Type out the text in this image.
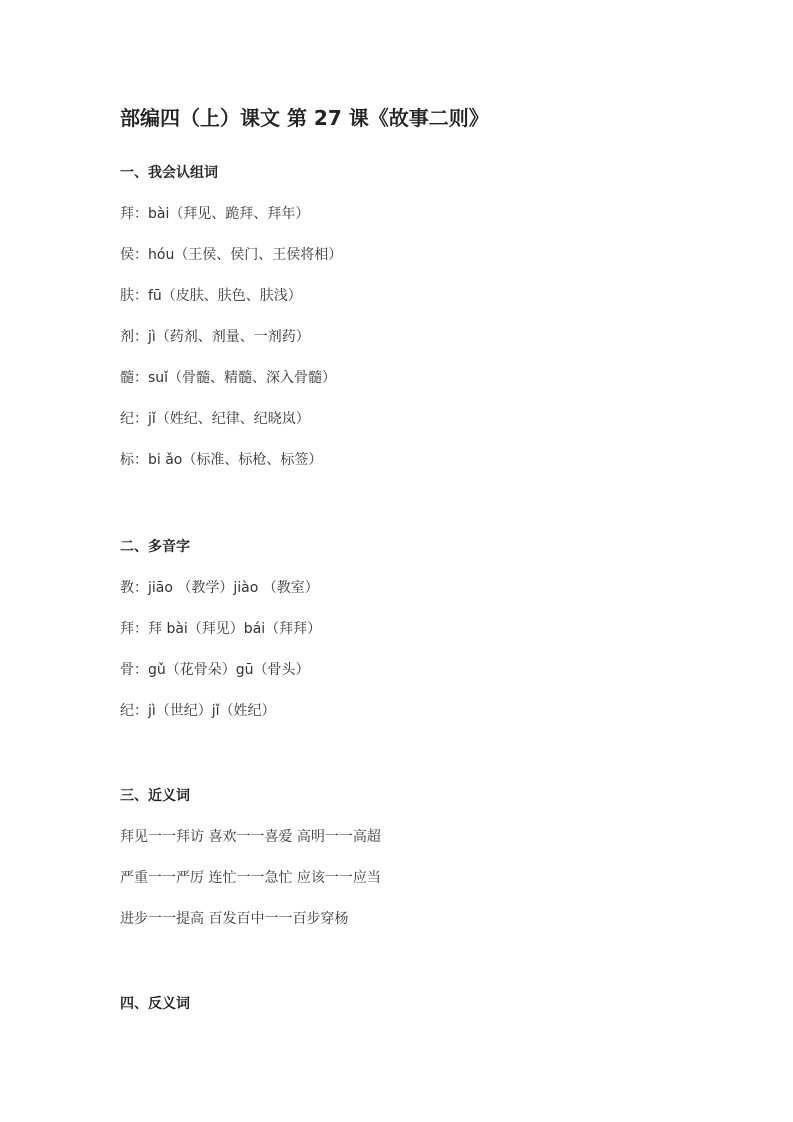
部编四（上）课文 第 27 课《故事二则》
一、我会认组词
拜：bài（拜见、跪拜、拜年）
侯：hóu（王侯、侯门、王侯将相）
肤：fū（皮肤、肤色、肤浅）
剂：jì（药剂、剂量、一剂药）
髓：suǐ（骨髓、精髓、深入骨髓）
纪：jǐ（姓纪、纪律、纪晓岚）
标：bi ǎo（标准、标枪、标签）
二、多音字
教：jiāo （教学）jiào （教室）
拜：拜 bài（拜见）bái（拜拜）
骨：gǔ（花骨朵）gū（骨头）
纪：jì（世纪）jǐ（姓纪）
三、近义词
拜见一一拜访 喜欢一一喜爱 高明一一高超
严重一一严厉 连忙一一急忙 应该一一应当
进步一一提高 百发百中一一百步穿杨
四、反义词
